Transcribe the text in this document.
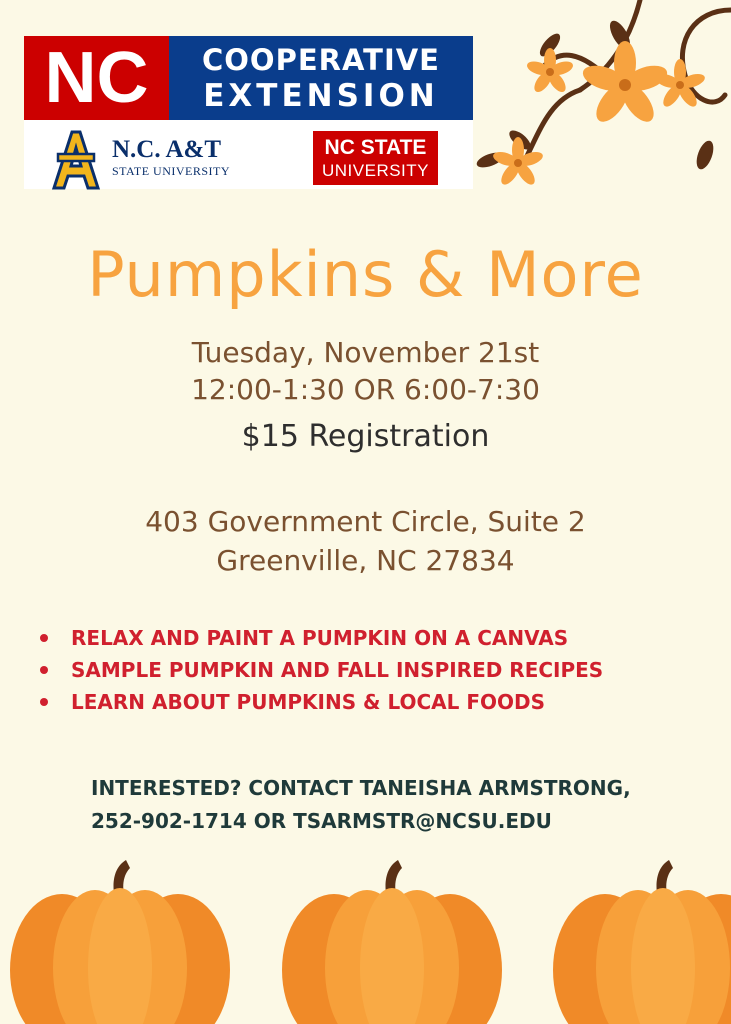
NC	COOPERATIVE
EXTENSION
N.C. A&T
STATE UNIVERSITY
NC STATE
UNIVERSITY
Pumpkins & More
Tuesday, November 21st
12:00-1:30 OR 6:00-7:30
$15 Registration
403 Government Circle, Suite 2
Greenville, NC 27834
RELAX AND PAINT A PUMPKIN ON A CANVAS
SAMPLE PUMPKIN AND FALL INSPIRED RECIPES
LEARN ABOUT PUMPKINS & LOCAL FOODS
INTERESTED? CONTACT TANEISHA ARMSTRONG,
252-902-1714 OR TSARMSTR@NCSU.EDU
